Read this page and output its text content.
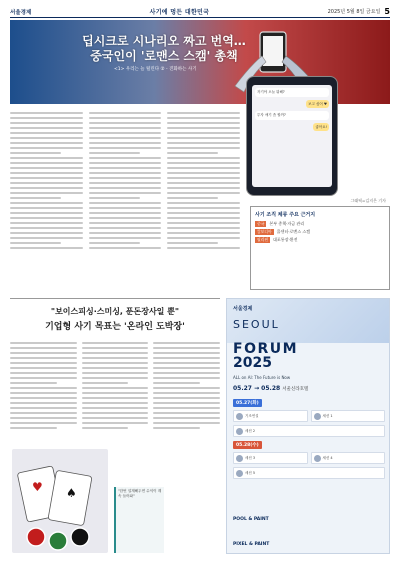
서울경제	사기에 멍든 대한민국	2025년 5월 8일 금요일 5
딥시크로 시나리오 짜고 번역…
중국인이 '로맨스 스캠' 총책
<1> 우리는 늘 털린다 ② - 진화하는 사기
자기야 오늘 뭐해?
보고 싶어 ♥
투자 얘기 좀 할까?
좋아요!
그래픽=김지은 기자
사기 조직 체류 주요 근거지
중국	본부 총책·자금 관리
캄보디아	콜센터·로맨스 스캠
필리핀	대포통장·환전
"보이스피싱·스미싱, 푼돈장사일 뿐"
기업형 사기 목표는 '온라인 도박장'
♥ ♠	"한번 설계해두면 수익이 계속 들어와"
서울경제
SEOUL
FORUM
2025
ALL on AI: The Future is Now
05.27 → 05.28 서울신라호텔
05.27(화)
기조연설	세션 1
세션 2
05.28(수)
세션 3	세션 4
세션 5
POOL & PAINT
PIXEL & PAINT
